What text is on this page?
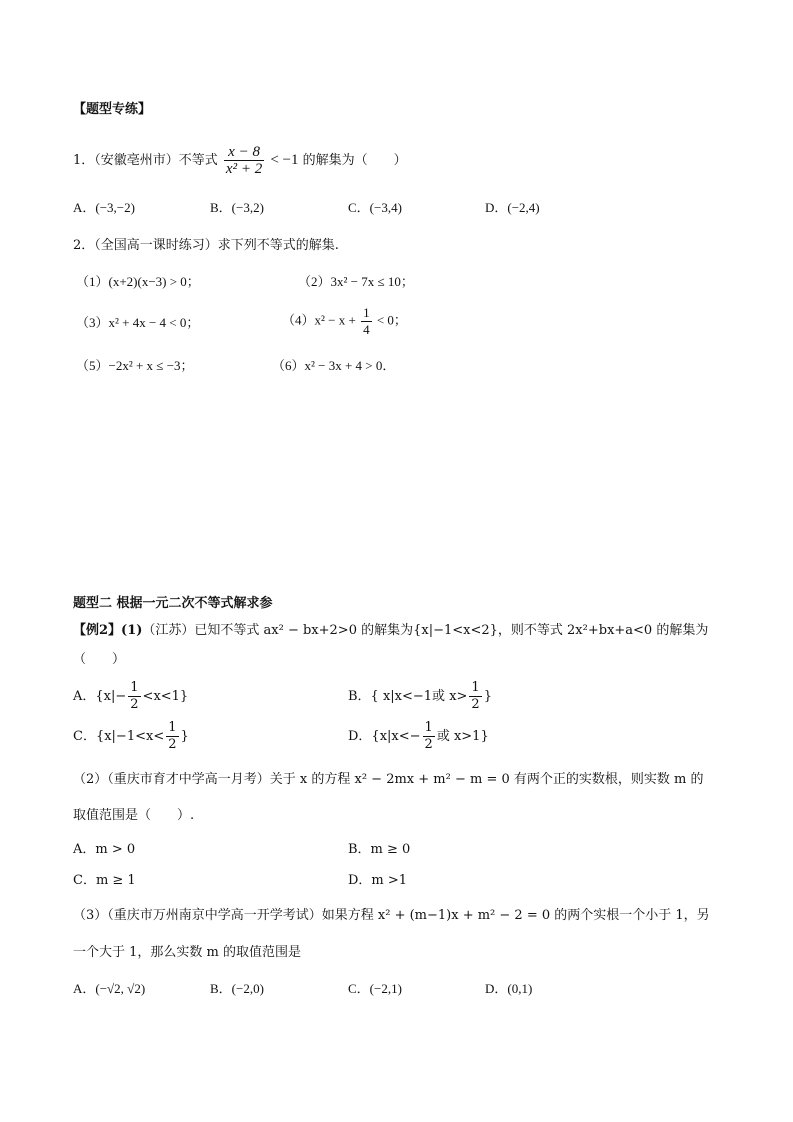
【题型专练】
1．（安徽亳州市）不等式 $\frac{x - 8}{\text{x² + 2}} < -1$ 的解集为（　　）
A．(−3,−2)	B．(−3,2)	C．(−3,4)	D．(−2,4)
2．（全国高一课时练习）求下列不等式的解集.
（1）(x+2)(x−3) > 0；	（2）3x² − 7x ≤ 10；
（3）x² + 4x − 4 < 0；	$(4)x^2 - x + \frac{1}{4} < 0$；
（5）−2x² + x ≤ −3；	（6）x² − 3x + 4 > 0．
题型二 根据一元二次不等式解求参
【例2】(1)（江苏）已知不等式 ax² − bx+2>0 的解集为{x|−1<x<2}，则不等式 2x²+bx+a<0 的解集为
（　　）
A．$\{x|- \frac{1}{2} <x<1\}$	B．{ x|x<−1或 $x> \frac{1}{2}$ }
C．{$x|-1<x< \frac{1}{2}$ }	D．{$x|x<- \frac{1}{2}$ 或 x>1}
（2）（重庆市育才中学高一月考）关于 x 的方程 x² − 2mx + m² − m = 0 有两个正的实数根，则实数 m 的
取值范围是（　　）.
A．m > 0	B．m ≥ 0
C．m ≥ 1	D．m >1
（3）（重庆市万州南京中学高一开学考试）如果方程 x² + (m−1)x + m² − 2 = 0 的两个实根一个小于 1，另
一个大于 1，那么实数 m 的取值范围是
A．(−√2, √2)	B．(−2,0)	C．(−2,1)	D．(0,1)
